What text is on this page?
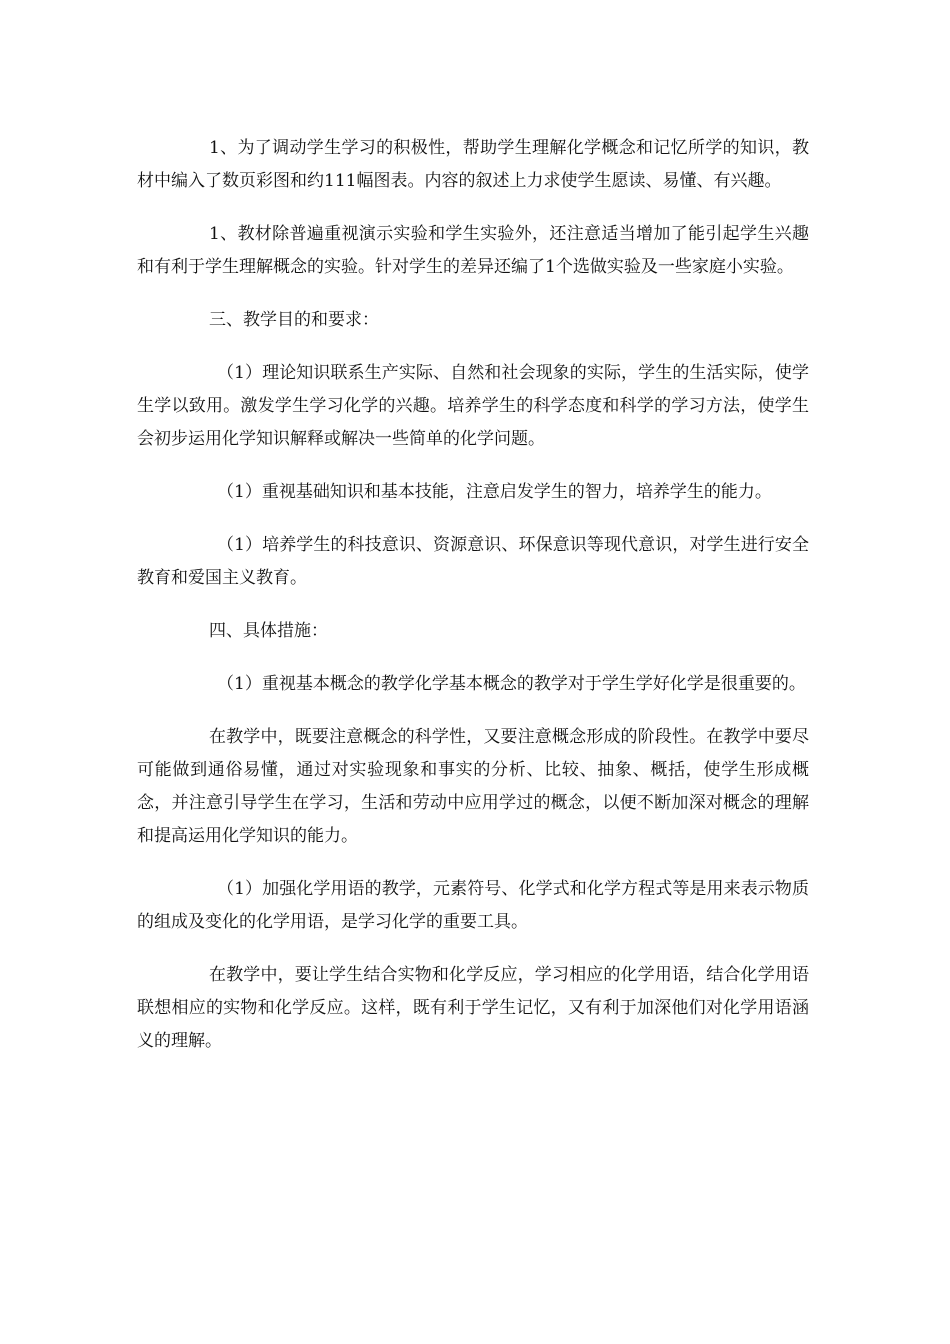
1、为了调动学生学习的积极性，帮助学生理解化学概念和记忆所学的知识，教材中编入了数页彩图和约111幅图表。内容的叙述上力求使学生愿读、易懂、有兴趣。

1、教材除普遍重视演示实验和学生实验外，还注意适当增加了能引起学生兴趣和有利于学生理解概念的实验。针对学生的差异还编了1个选做实验及一些家庭小实验。

三、教学目的和要求：

（1）理论知识联系生产实际、自然和社会现象的实际，学生的生活实际，使学生学以致用。激发学生学习化学的兴趣。培养学生的科学态度和科学的学习方法，使学生会初步运用化学知识解释或解决一些简单的化学问题。

（1）重视基础知识和基本技能，注意启发学生的智力，培养学生的能力。

（1）培养学生的科技意识、资源意识、环保意识等现代意识，对学生进行安全教育和爱国主义教育。

四、具体措施：

（1）重视基本概念的教学化学基本概念的教学对于学生学好化学是很重要的。

在教学中，既要注意概念的科学性，又要注意概念形成的阶段性。在教学中要尽可能做到通俗易懂，通过对实验现象和事实的分析、比较、抽象、概括，使学生形成概念，并注意引导学生在学习，生活和劳动中应用学过的概念，以便不断加深对概念的理解和提高运用化学知识的能力。

（1）加强化学用语的教学，元素符号、化学式和化学方程式等是用来表示物质的组成及变化的化学用语，是学习化学的重要工具。

在教学中，要让学生结合实物和化学反应，学习相应的化学用语，结合化学用语联想相应的实物和化学反应。这样，既有利于学生记忆，又有利于加深他们对化学用语涵义的理解。
